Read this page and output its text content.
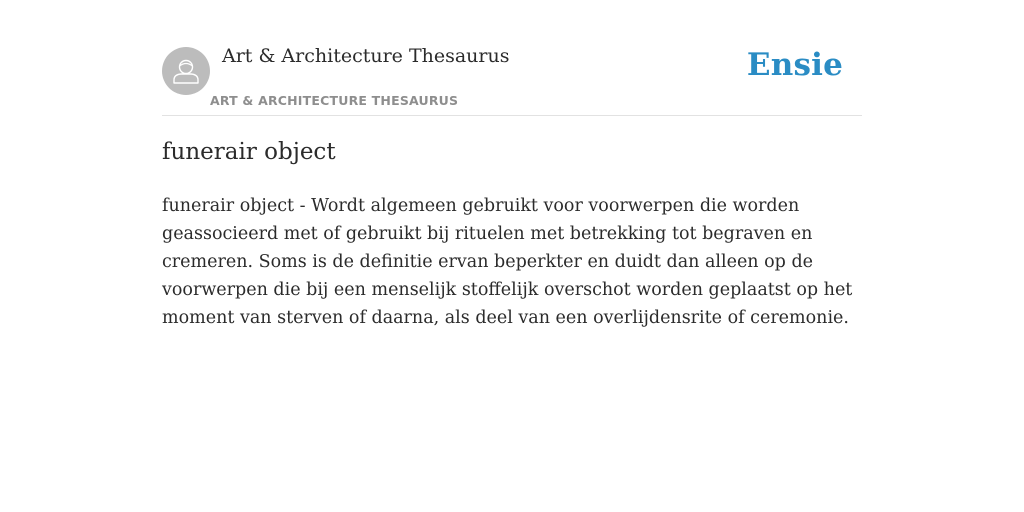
Art & Architecture Thesaurus
ART & ARCHITECTURE THESAURUS
Ensie
funerair object

funerair object - Wordt algemeen gebruikt voor voorwerpen die worden geassocieerd met of gebruikt bij rituelen met betrekking tot begraven en cremeren. Soms is de definitie ervan beperkter en duidt dan alleen op de voorwerpen die bij een menselijk stoffelijk overschot worden geplaatst op het moment van sterven of daarna, als deel van een overlijdensrite of ceremonie.
